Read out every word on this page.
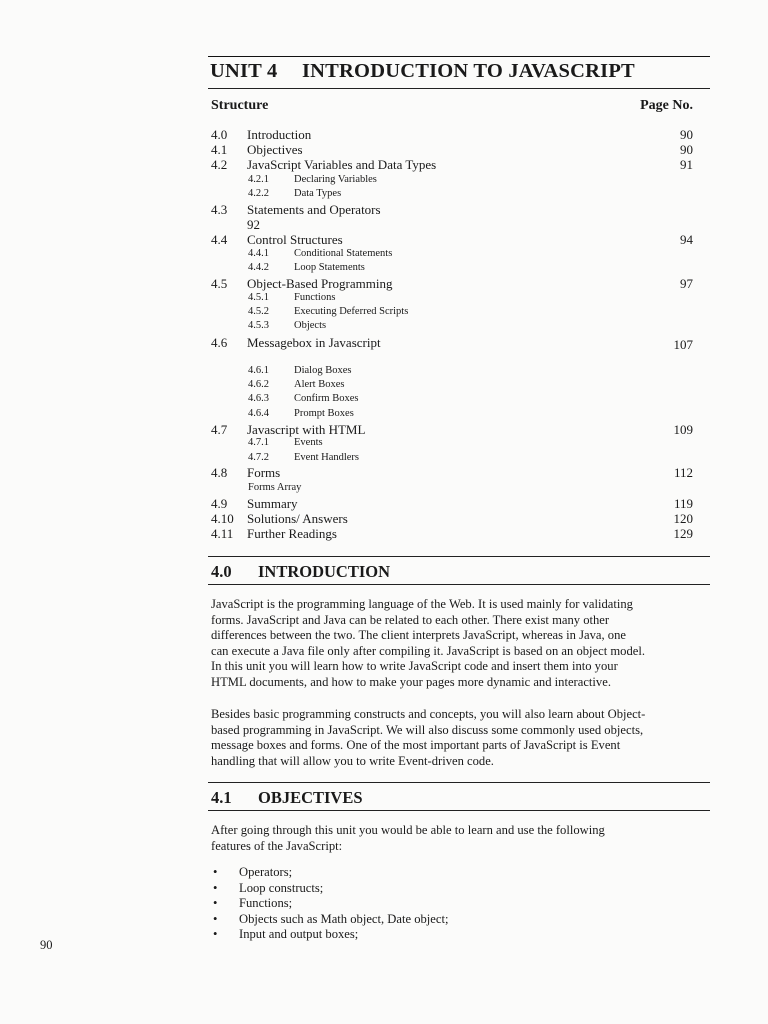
UNIT 4 INTRODUCTION TO JAVASCRIPT
Structure	Page No.
4.0 Introduction	90
4.1 Objectives	90
4.2 JavaScript Variables and Data Types	91
4.2.1 Declaring Variables
4.2.2 Data Types
4.3 Statements and Operators
92
4.4 Control Structures	94
4.4.1 Conditional Statements
4.4.2 Loop Statements
4.5 Object-Based Programming	97
4.5.1 Functions
4.5.2 Executing Deferred Scripts
4.5.3 Objects
4.6 Messagebox in Javascript	107
4.6.1 Dialog Boxes
4.6.2 Alert Boxes
4.6.3 Confirm Boxes
4.6.4 Prompt Boxes
4.7 Javascript with HTML	109
4.7.1 Events
4.7.2 Event Handlers
4.8 Forms	112
Forms Array
4.9 Summary	119
4.10 Solutions/ Answers	120
4.11 Further Readings	129
4.0 INTRODUCTION
JavaScript is the programming language of the Web. It is used mainly for validating
forms. JavaScript and Java can be related to each other. There exist many other
differences between the two. The client interprets JavaScript, whereas in Java, one
can execute a Java file only after compiling it. JavaScript is based on an object model.
In this unit you will learn how to write JavaScript code and insert them into your
HTML documents, and how to make your pages more dynamic and interactive.
Besides basic programming constructs and concepts, you will also learn about Object-
based programming in JavaScript. We will also discuss some commonly used objects,
message boxes and forms. One of the most important parts of JavaScript is Event
handling that will allow you to write Event-driven code.
4.1 OBJECTIVES
After going through this unit you would be able to learn and use the following
features of the JavaScript:
• Operators;
• Loop constructs;
• Functions;
• Objects such as Math object, Date object;
• Input and output boxes;
90
